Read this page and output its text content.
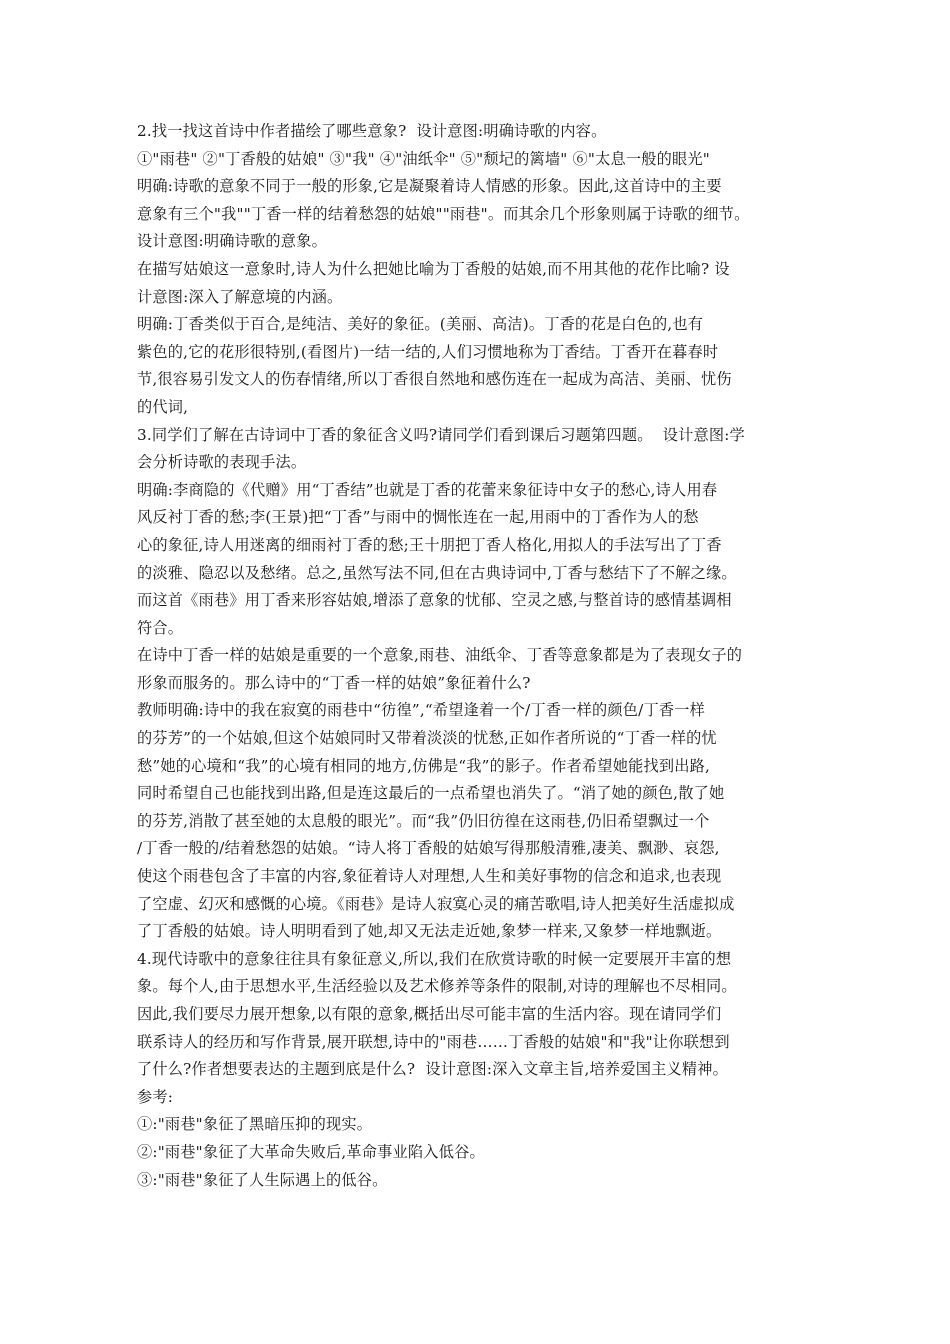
2.找一找这首诗中作者描绘了哪些意象?  设计意图:明确诗歌的内容。
①"雨巷" ②"丁香般的姑娘" ③"我" ④"油纸伞" ⑤"颓圮的篱墙" ⑥"太息一般的眼光"
明确:诗歌的意象不同于一般的形象,它是凝聚着诗人情感的形象。因此,这首诗中的主要
意象有三个"我""丁香一样的结着愁怨的姑娘""雨巷"。而其余几个形象则属于诗歌的细节。
设计意图:明确诗歌的意象。
在描写姑娘这一意象时,诗人为什么把她比喻为丁香般的姑娘,而不用其他的花作比喻? 设
计意图:深入了解意境的内涵。
明确:丁香类似于百合,是纯洁、美好的象征。(美丽、高洁)。丁香的花是白色的,也有
紫色的,它的花形很特别,(看图片)一结一结的,人们习惯地称为丁香结。丁香开在暮春时
节,很容易引发文人的伤春情绪,所以丁香很自然地和感伤连在一起成为高洁、美丽、忧伤
的代词,
3.同学们了解在古诗词中丁香的象征含义吗?请同学们看到课后习题第四题。  设计意图:学
会分析诗歌的表现手法。
明确:李商隐的《代赠》用“丁香结”也就是丁香的花蕾来象征诗中女子的愁心,诗人用春
风反衬丁香的愁;李(王景)把“丁香”与雨中的惆怅连在一起,用雨中的丁香作为人的愁
心的象征,诗人用迷离的细雨衬丁香的愁;王十朋把丁香人格化,用拟人的手法写出了丁香
的淡雅、隐忍以及愁绪。总之,虽然写法不同,但在古典诗词中,丁香与愁结下了不解之缘。
而这首《雨巷》用丁香来形容姑娘,增添了意象的忧郁、空灵之感,与整首诗的感情基调相
符合。
在诗中丁香一样的姑娘是重要的一个意象,雨巷、油纸伞、丁香等意象都是为了表现女子的
形象而服务的。那么诗中的“丁香一样的姑娘”象征着什么?
教师明确:诗中的我在寂寞的雨巷中“彷徨”,“希望逢着一个/丁香一样的颜色/丁香一样
的芬芳”的一个姑娘,但这个姑娘同时又带着淡淡的忧愁,正如作者所说的“丁香一样的忧
愁”她的心境和“我”的心境有相同的地方,仿佛是“我”的影子。作者希望她能找到出路,
同时希望自己也能找到出路,但是连这最后的一点希望也消失了。“消了她的颜色,散了她
的芬芳,消散了甚至她的太息般的眼光”。而“我”仍旧彷徨在这雨巷,仍旧希望飘过一个
/丁香一般的/结着愁怨的姑娘。“诗人将丁香般的姑娘写得那般清雅,凄美、飘渺、哀怨,
使这个雨巷包含了丰富的内容,象征着诗人对理想,人生和美好事物的信念和追求,也表现
了空虚、幻灭和感慨的心境。《雨巷》是诗人寂寞心灵的痛苦歌唱,诗人把美好生活虚拟成
了丁香般的姑娘。诗人明明看到了她,却又无法走近她,象梦一样来,又象梦一样地飘逝。
4.现代诗歌中的意象往往具有象征意义,所以,我们在欣赏诗歌的时候一定要展开丰富的想
象。每个人,由于思想水平,生活经验以及艺术修养等条件的限制,对诗的理解也不尽相同。
因此,我们要尽力展开想象,以有限的意象,概括出尽可能丰富的生活内容。现在请同学们
联系诗人的经历和写作背景,展开联想,诗中的"雨巷……丁香般的姑娘"和"我"让你联想到
了什么?作者想要表达的主题到底是什么?  设计意图:深入文章主旨,培养爱国主义精神。
参考:
①:"雨巷"象征了黑暗压抑的现实。
②:"雨巷"象征了大革命失败后,革命事业陷入低谷。
③:"雨巷"象征了人生际遇上的低谷。
